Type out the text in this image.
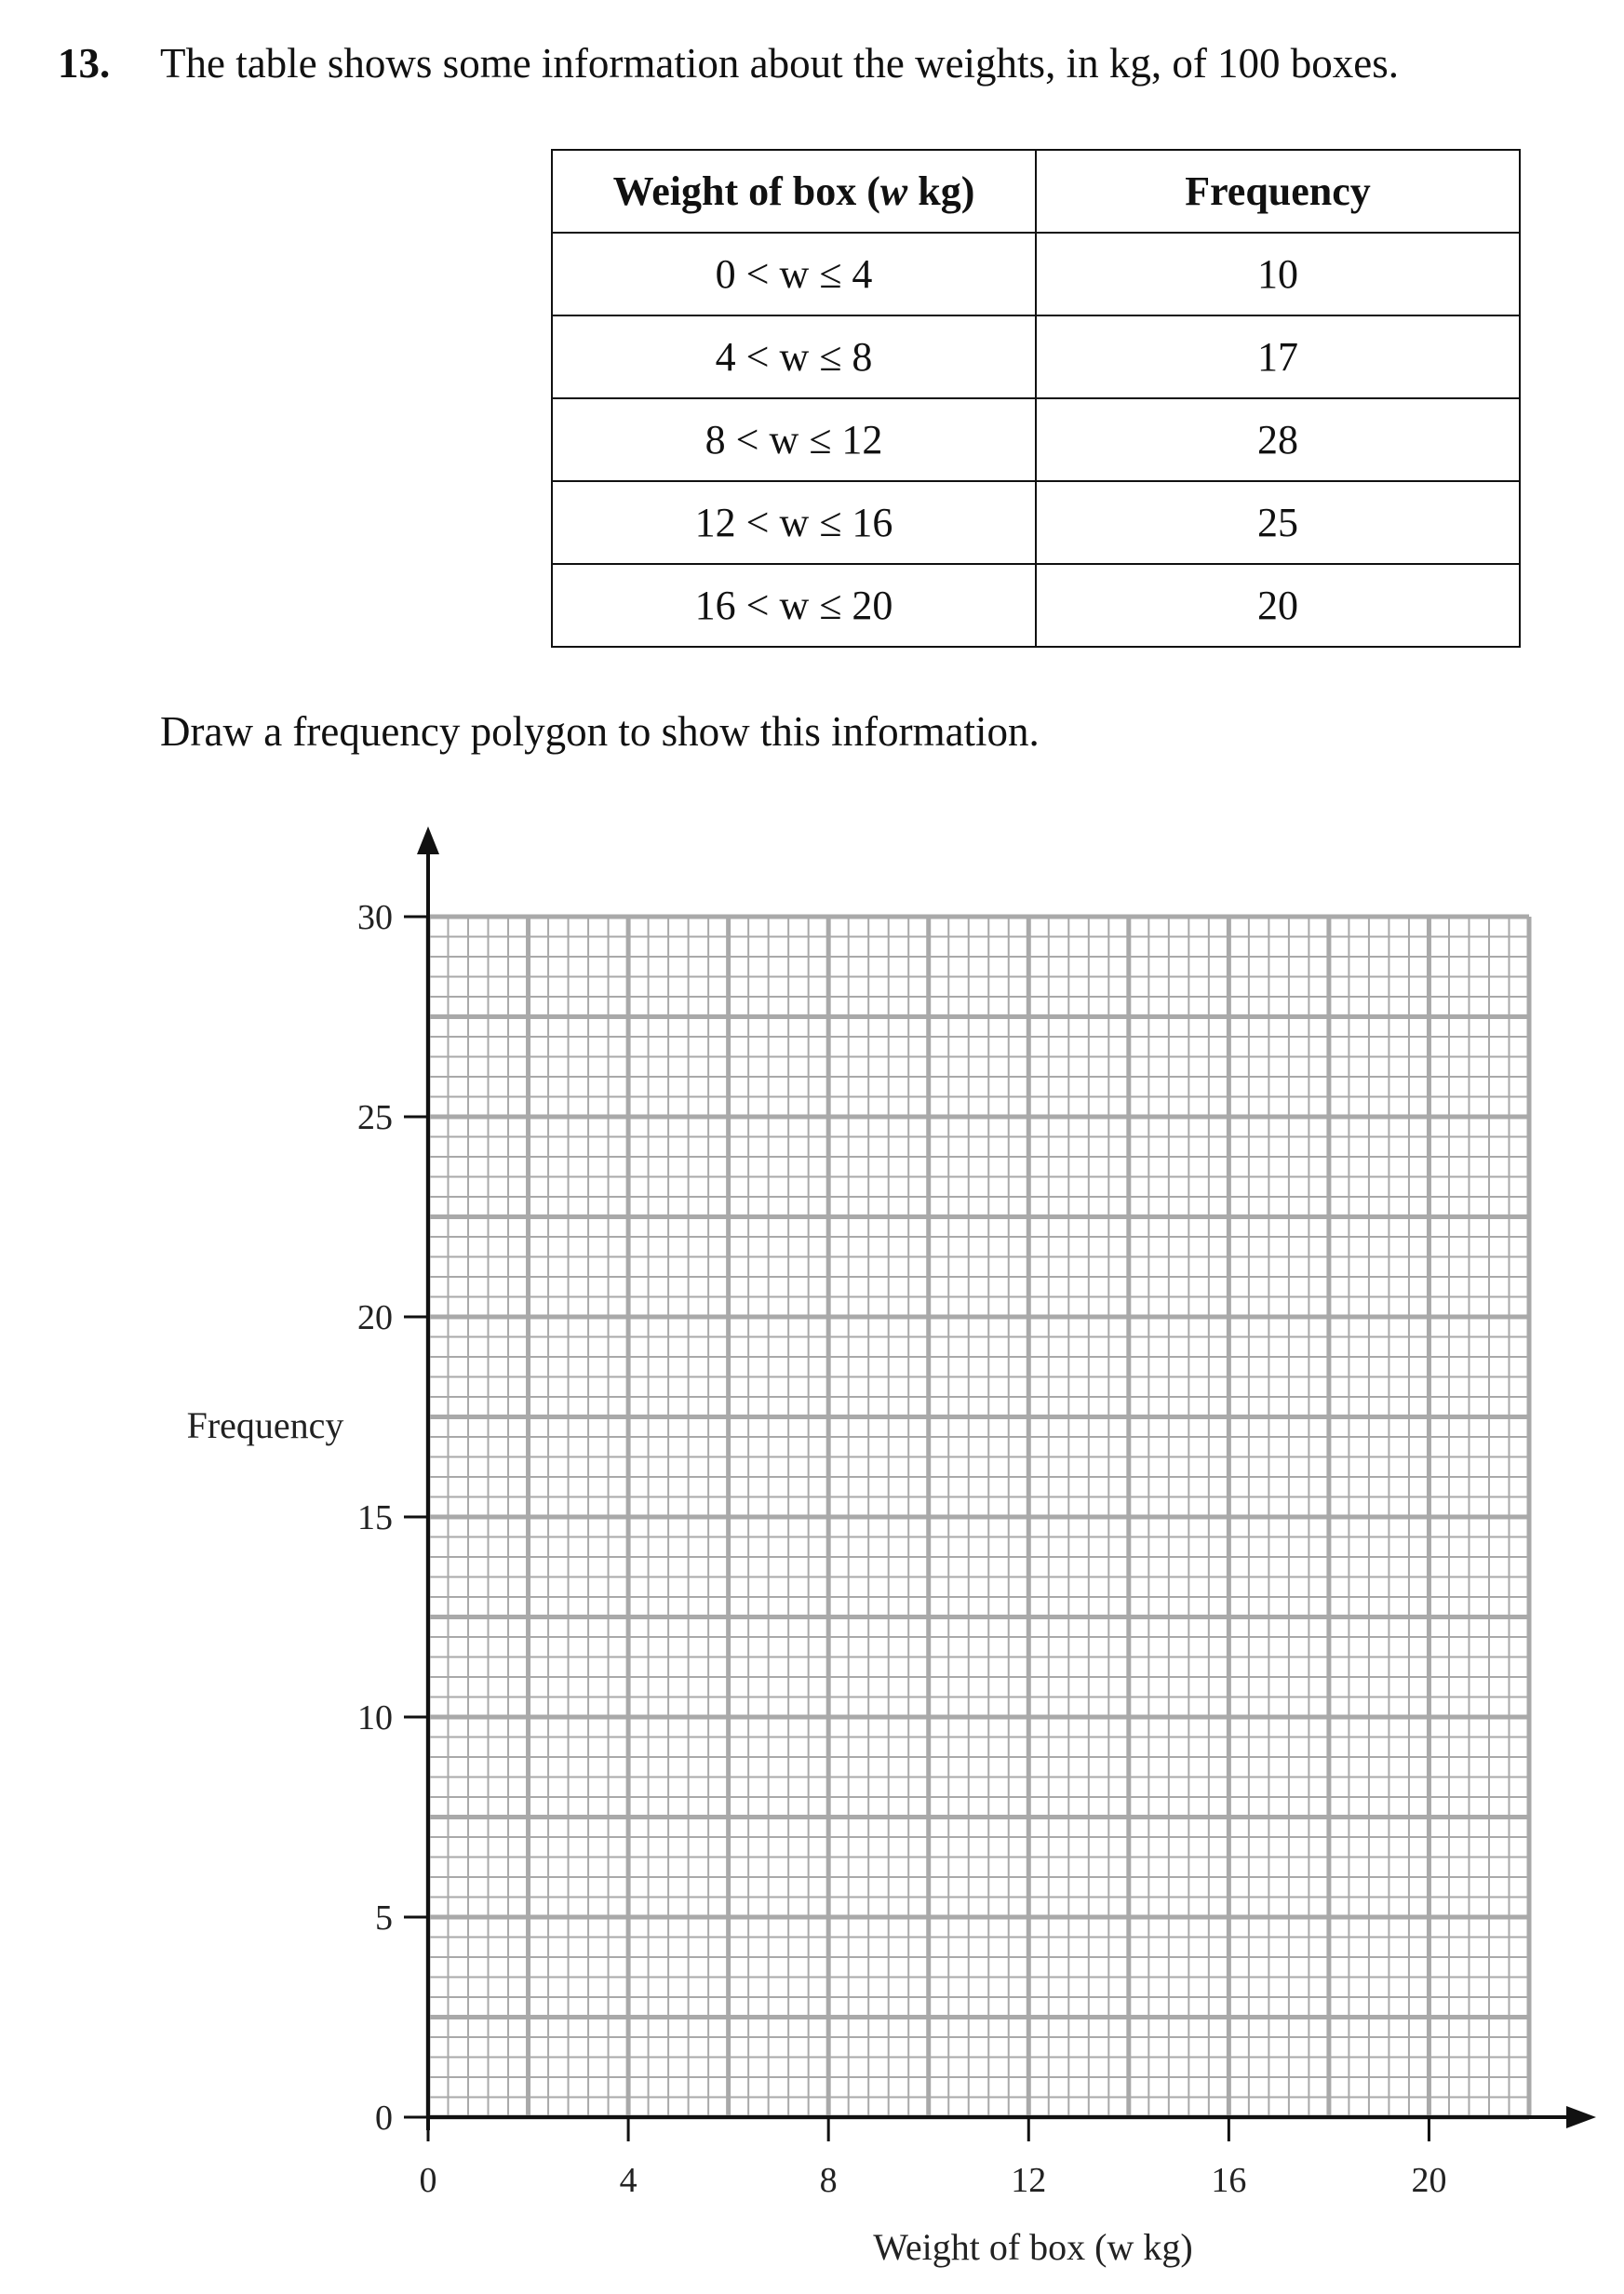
13. The table shows some information about the weights, in kg, of 100 boxes.
Weight of box (w kg)	Frequency
0 < w ≤ 4	10
4 < w ≤ 8	17
8 < w ≤ 12	28
12 < w ≤ 16	25
16 < w ≤ 20	20
Draw a frequency polygon to show this information.
0
5
10
15
20
25
30
0	4	8	12	16	20
Frequency
Weight of box (w kg)
